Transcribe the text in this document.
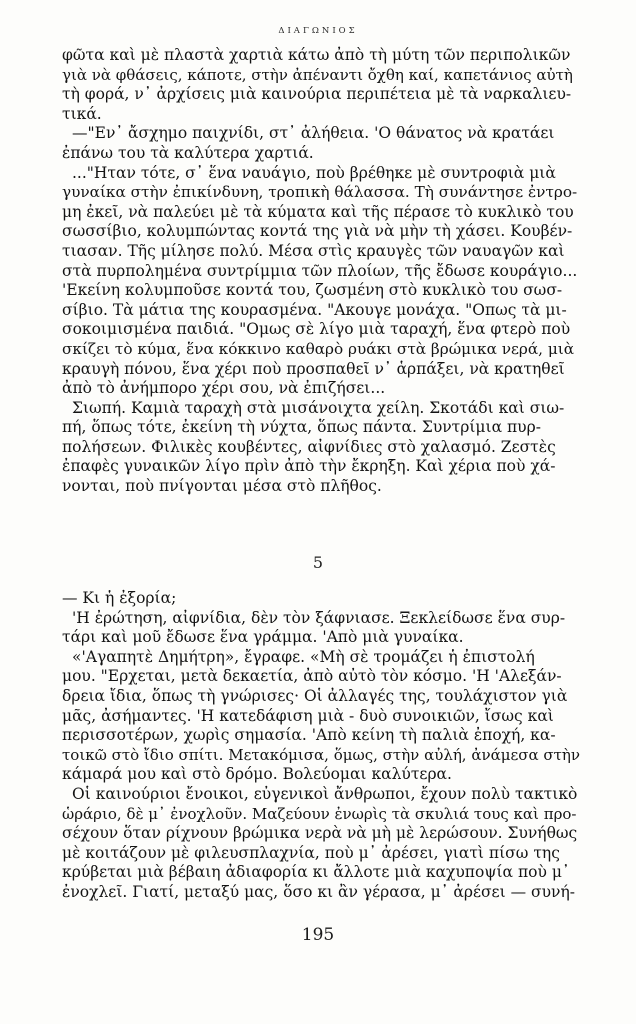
ΔΙΑΓΩΝΙΟΣ
φῶτα καὶ μὲ πλαστὰ χαρτιὰ κάτω ἀπὸ τὴ μύτη τῶν περιπολικῶν
γιὰ νὰ φθάσεις, κάποτε, στὴν ἀπέναντι ὄχθη καί, καπετάνιος αὐτὴ
τὴ φορά, ν᾽ ἀρχίσεις μιὰ καινούρια περιπέτεια μὲ τὰ ναρκαλιευ-
τικά.
—"Εν᾽ ἄσχημο παιχνίδι, στ᾽ ἀλήθεια. 'Ο θάνατος νὰ κρατάει
ἐπάνω του τὰ καλύτερα χαρτιά.
..."Ηταν τότε, σ᾽ ἕνα ναυάγιο, ποὺ βρέθηκε μὲ συντροφιὰ μιὰ
γυναίκα στὴν ἐπικίνδυνη, τροπικὴ θάλασσα. Τὴ συνάντησε ἐντρο-
μη ἐκεῖ, νὰ παλεύει μὲ τὰ κύματα καὶ τῆς πέρασε τὸ κυκλικὸ του
σωσσίβιο, κολυμπώντας κοντά της γιὰ νὰ μὴν τὴ χάσει. Κουβέν-
τιασαν. Τῆς μίλησε πολύ. Μέσα στὶς κραυγὲς τῶν ναυαγῶν καὶ
στὰ πυρπολημένα συντρίμμια τῶν πλοίων, τῆς ἔδωσε κουράγιο...
'Εκείνη κολυμποῦσε κοντά του, ζωσμένη στὸ κυκλικὸ του σωσ-
σίβιο. Τὰ μάτια της κουρασμένα. "Ακουγε μονάχα. "Οπως τὰ μι-
σοκοιμισμένα παιδιά. "Ομως σὲ λίγο μιὰ ταραχή, ἕνα φτερὸ ποὺ
σκίζει τὸ κύμα, ἕνα κόκκινο καθαρὸ ρυάκι στὰ βρώμικα νερά, μιὰ
κραυγὴ πόνου, ἕνα χέρι ποὺ προσπαθεῖ ν᾽ ἁρπάξει, νὰ κρατηθεῖ
ἀπὸ τὸ ἀνήμπορο χέρι σου, νὰ ἐπιζήσει...
Σιωπή. Καμιὰ ταραχὴ στὰ μισάνοιχτα χείλη. Σκοτάδι καὶ σιω-
πή, ὅπως τότε, ἐκείνη τὴ νύχτα, ὅπως πάντα. Συντρίμια πυρ-
πολήσεων. Φιλικὲς κουβέντες, αἰφνίδιες στὸ χαλασμό. Ζεστὲς
ἐπαφὲς γυναικῶν λίγο πρὶν ἀπὸ τὴν ἔκρηξη. Καὶ χέρια ποὺ χά-
νονται, ποὺ πνίγονται μέσα στὸ πλῆθος.
5
— Κι ἡ ἐξορία;
'Η ἐρώτηση, αἰφνίδια, δὲν τὸν ξάφνιασε. Ξεκλείδωσε ἕνα συρ-
τάρι καὶ μοῦ ἔδωσε ἕνα γράμμα. 'Απὸ μιὰ γυναίκα.
«'Αγαπητὲ Δημήτρη», ἔγραφε. «Μὴ σὲ τρομάζει ἡ ἐπιστολή
μου. "Ερχεται, μετὰ δεκαετία, ἀπὸ αὐτὸ τὸν κόσμο. 'Η 'Αλεξάν-
δρεια ἴδια, ὅπως τὴ γνώρισες· Οἱ ἀλλαγές της, τουλάχιστον γιὰ
μᾶς, ἀσήμαντες. 'Η κατεδάφιση μιὰ - δυὸ συνοικιῶν, ἴσως καὶ
περισσοτέρων, χωρὶς σημασία. 'Απὸ κείνη τὴ παλιὰ ἐποχή, κα-
τοικῶ στὸ ἴδιο σπίτι. Μετακόμισα, ὅμως, στὴν αὐλή, ἀνάμεσα στὴν
κάμαρά μου καὶ στὸ δρόμο. Βολεύομαι καλύτερα.
Οἱ καινούριοι ἔνοικοι, εὐγενικοὶ ἄνθρωποι, ἔχουν πολὺ τακτικὸ
ὡράριο, δὲ μ᾽ ἐνοχλοῦν. Μαζεύουν ἐνωρὶς τὰ σκυλιά τους καὶ προ-
σέχουν ὅταν ρίχνουν βρώμικα νερὰ νὰ μὴ μὲ λερώσουν. Συνήθως
μὲ κοιτάζουν μὲ φιλευσπλαχνία, ποὺ μ᾽ ἀρέσει, γιατὶ πίσω της
κρύβεται μιὰ βέβαιη ἀδιαφορία κι ἄλλοτε μιὰ καχυποψία ποὺ μ᾽
ἐνοχλεῖ. Γιατί, μεταξύ μας, ὅσο κι ἂν γέρασα, μ᾽ ἀρέσει — συνή-
195
